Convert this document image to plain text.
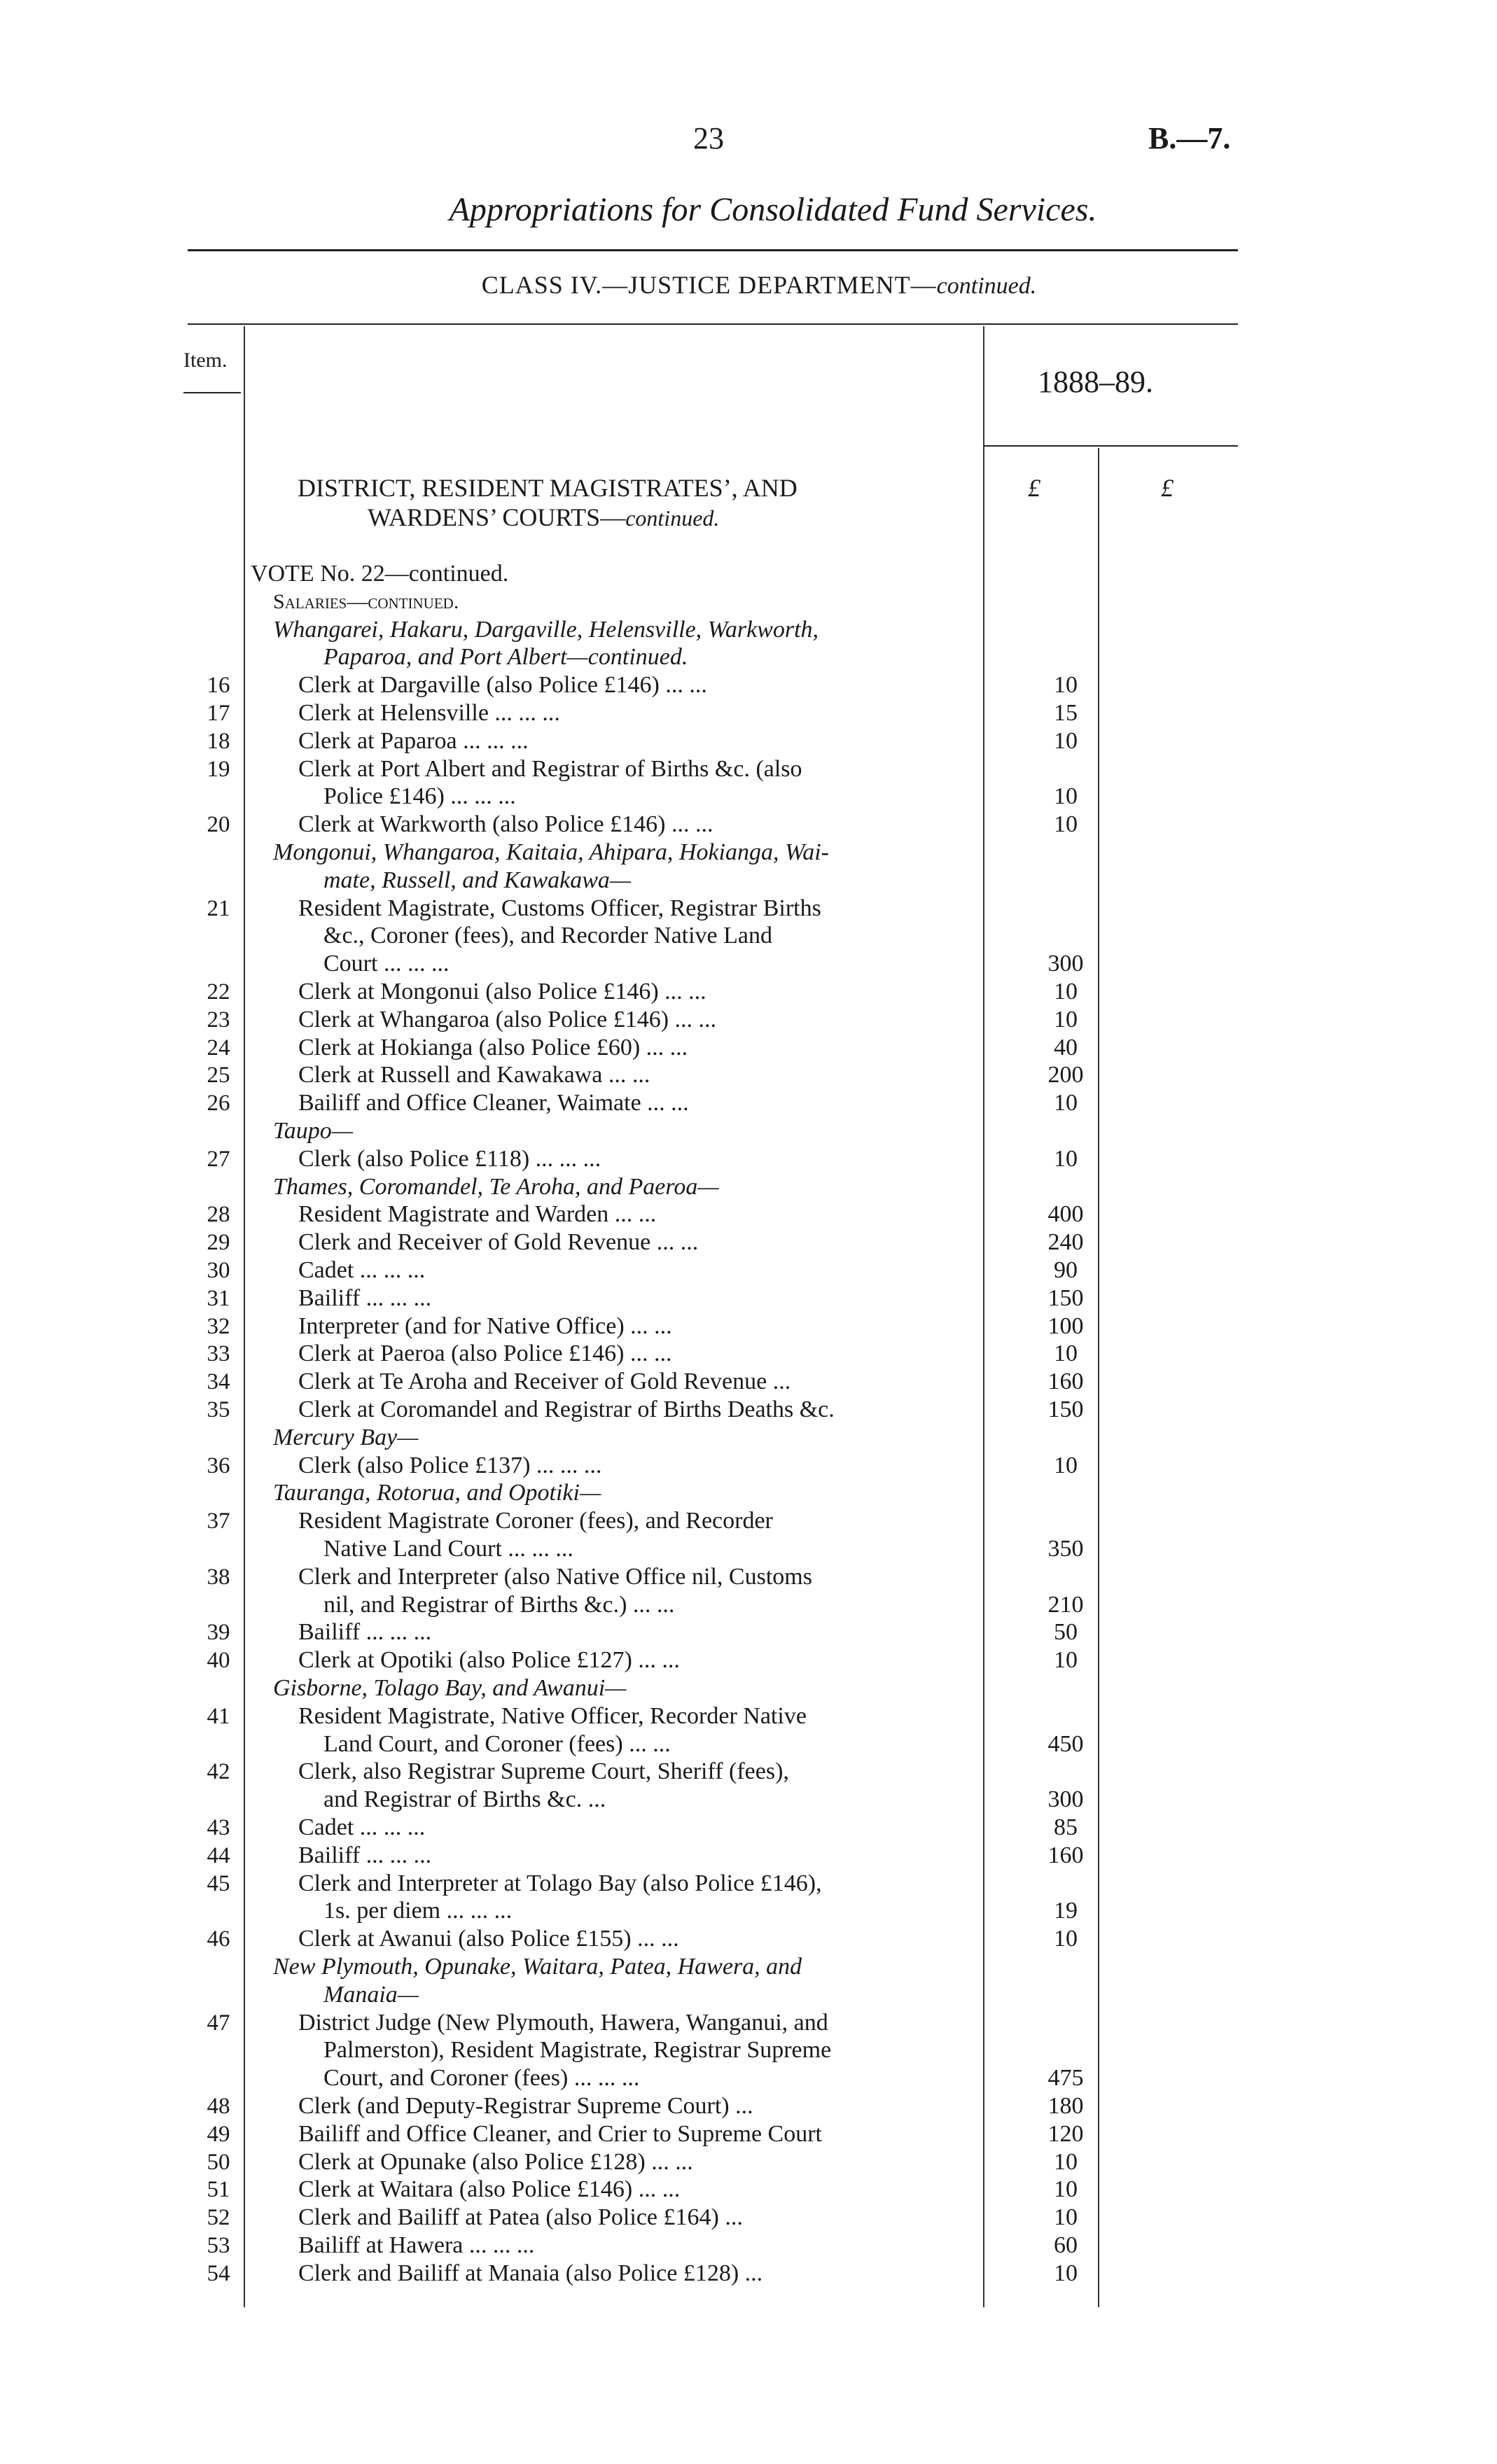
23	B.—7.
Appropriations for Consolidated Fund Services.
CLASS IV.—JUSTICE DEPARTMENT—continued.
Item.
1888–89.
£	£
DISTRICT, RESIDENT MAGISTRATES’, AND
WARDENS’ COURTS—continued.
VOTE No. 22—continued.
Salaries—continued.
Whangarei, Hakaru, Dargaville, Helensville, Warkworth,
Paparoa, and Port Albert—continued.
16	Clerk at Dargaville (also Police £146) ... ...	10
17	Clerk at Helensville ... ... ...	15
18	Clerk at Paparoa ... ... ...	10
19	Clerk at Port Albert and Registrar of Births &c. (also
Police £146) ... ... ...	10
20	Clerk at Warkworth (also Police £146) ... ...	10
Mongonui, Whangaroa, Kaitaia, Ahipara, Hokianga, Wai-
mate, Russell, and Kawakawa—
21	Resident Magistrate, Customs Officer, Registrar Births
&c., Coroner (fees), and Recorder Native Land
Court ... ... ...	300
22	Clerk at Mongonui (also Police £146) ... ...	10
23	Clerk at Whangaroa (also Police £146) ... ...	10
24	Clerk at Hokianga (also Police £60) ... ...	40
25	Clerk at Russell and Kawakawa ... ...	200
26	Bailiff and Office Cleaner, Waimate ... ...	10
Taupo—
27	Clerk (also Police £118) ... ... ...	10
Thames, Coromandel, Te Aroha, and Paeroa—
28	Resident Magistrate and Warden ... ...	400
29	Clerk and Receiver of Gold Revenue ... ...	240
30	Cadet ... ... ...	90
31	Bailiff ... ... ...	150
32	Interpreter (and for Native Office) ... ...	100
33	Clerk at Paeroa (also Police £146) ... ...	10
34	Clerk at Te Aroha and Receiver of Gold Revenue ...	160
35	Clerk at Coromandel and Registrar of Births Deaths &c.	150
Mercury Bay—
36	Clerk (also Police £137) ... ... ...	10
Tauranga, Rotorua, and Opotiki—
37	Resident Magistrate Coroner (fees), and Recorder
Native Land Court ... ... ...	350
38	Clerk and Interpreter (also Native Office nil, Customs
nil, and Registrar of Births &c.) ... ...	210
39	Bailiff ... ... ...	50
40	Clerk at Opotiki (also Police £127) ... ...	10
Gisborne, Tolago Bay, and Awanui—
41	Resident Magistrate, Native Officer, Recorder Native
Land Court, and Coroner (fees) ... ...	450
42	Clerk, also Registrar Supreme Court, Sheriff (fees),
and Registrar of Births &c. ...	300
43	Cadet ... ... ...	85
44	Bailiff ... ... ...	160
45	Clerk and Interpreter at Tolago Bay (also Police £146),
1s. per diem ... ... ...	19
46	Clerk at Awanui (also Police £155) ... ...	10
New Plymouth, Opunake, Waitara, Patea, Hawera, and
Manaia—
47	District Judge (New Plymouth, Hawera, Wanganui, and
Palmerston), Resident Magistrate, Registrar Supreme
Court, and Coroner (fees) ... ... ...	475
48	Clerk (and Deputy-Registrar Supreme Court) ...	180
49	Bailiff and Office Cleaner, and Crier to Supreme Court	120
50	Clerk at Opunake (also Police £128) ... ...	10
51	Clerk at Waitara (also Police £146) ... ...	10
52	Clerk and Bailiff at Patea (also Police £164) ...	10
53	Bailiff at Hawera ... ... ...	60
54	Clerk and Bailiff at Manaia (also Police £128) ...	10
